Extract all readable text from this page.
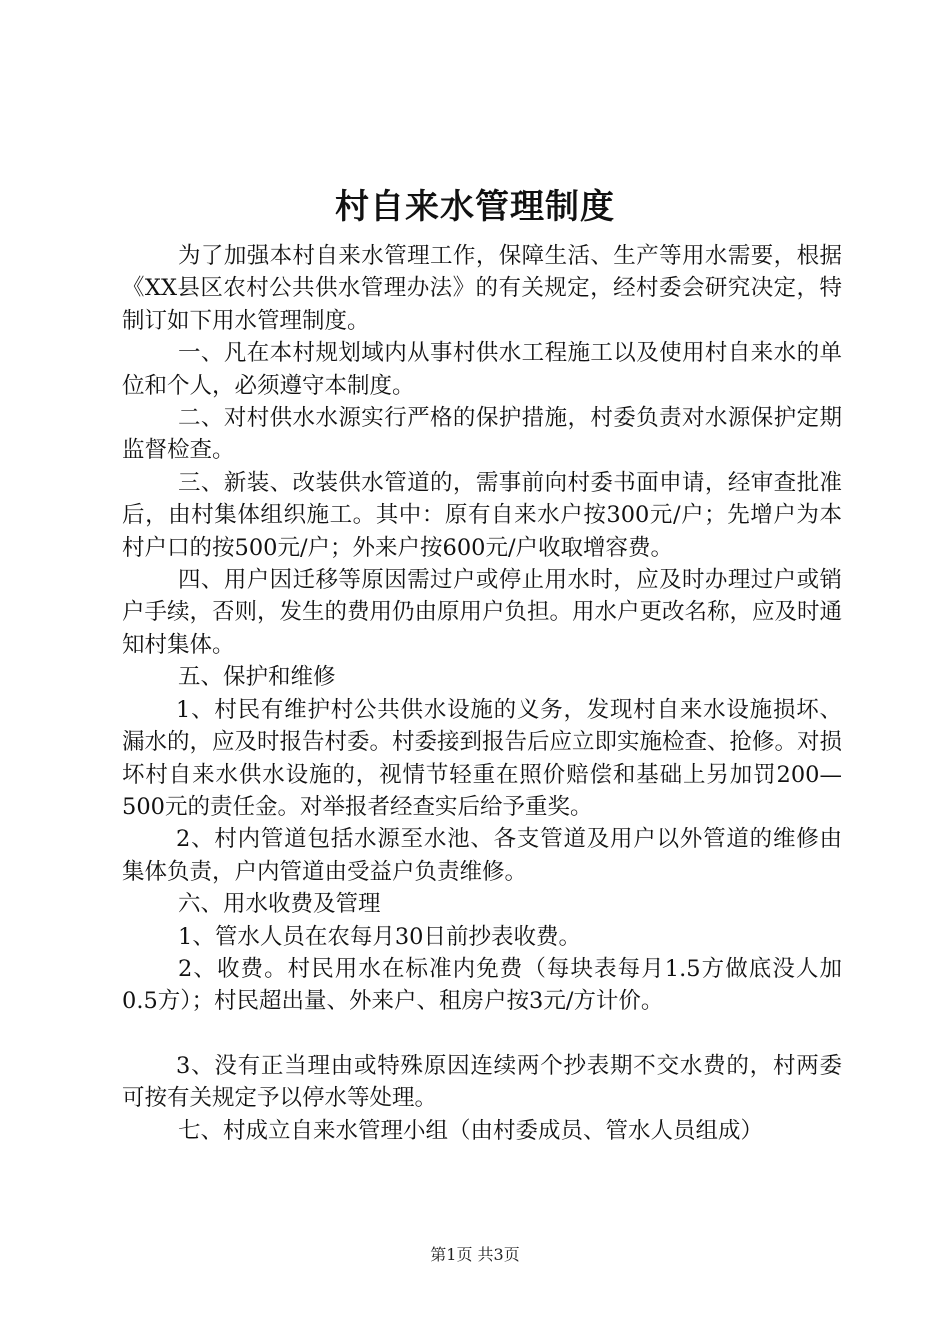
村自来水管理制度

为了加强本村自来水管理工作，保障生活、生产等用水需要，根据《XX县区农村公共供水管理办法》的有关规定，经村委会研究决定，特制订如下用水管理制度。

一、凡在本村规划域内从事村供水工程施工以及使用村自来水的单位和个人，必须遵守本制度。

二、对村供水水源实行严格的保护措施，村委负责对水源保护定期监督检查。

三、新装、改装供水管道的，需事前向村委书面申请，经审查批准后，由村集体组织施工。其中：原有自来水户按300元/户；先增户为本村户口的按500元/户；外来户按600元/户收取增容费。

四、用户因迁移等原因需过户或停止用水时，应及时办理过户或销户手续，否则，发生的费用仍由原用户负担。用水户更改名称，应及时通知村集体。

五、保护和维修

1、村民有维护村公共供水设施的义务，发现村自来水设施损坏、漏水的，应及时报告村委。村委接到报告后应立即实施检查、抢修。对损坏村自来水供水设施的，视情节轻重在照价赔偿和基础上另加罚200—500元的责任金。对举报者经查实后给予重奖。

2、村内管道包括水源至水池、各支管道及用户以外管道的维修由集体负责，户内管道由受益户负责维修。

六、用水收费及管理

1、管水人员在农每月30日前抄表收费。

2、收费。村民用水在标准内免费（每块表每月1.5方做底没人加0.5方）；村民超出量、外来户、租房户按3元/方计价。

3、没有正当理由或特殊原因连续两个抄表期不交水费的，村两委可按有关规定予以停水等处理。

七、村成立自来水管理小组（由村委成员、管水人员组成）

第1页 共3页
